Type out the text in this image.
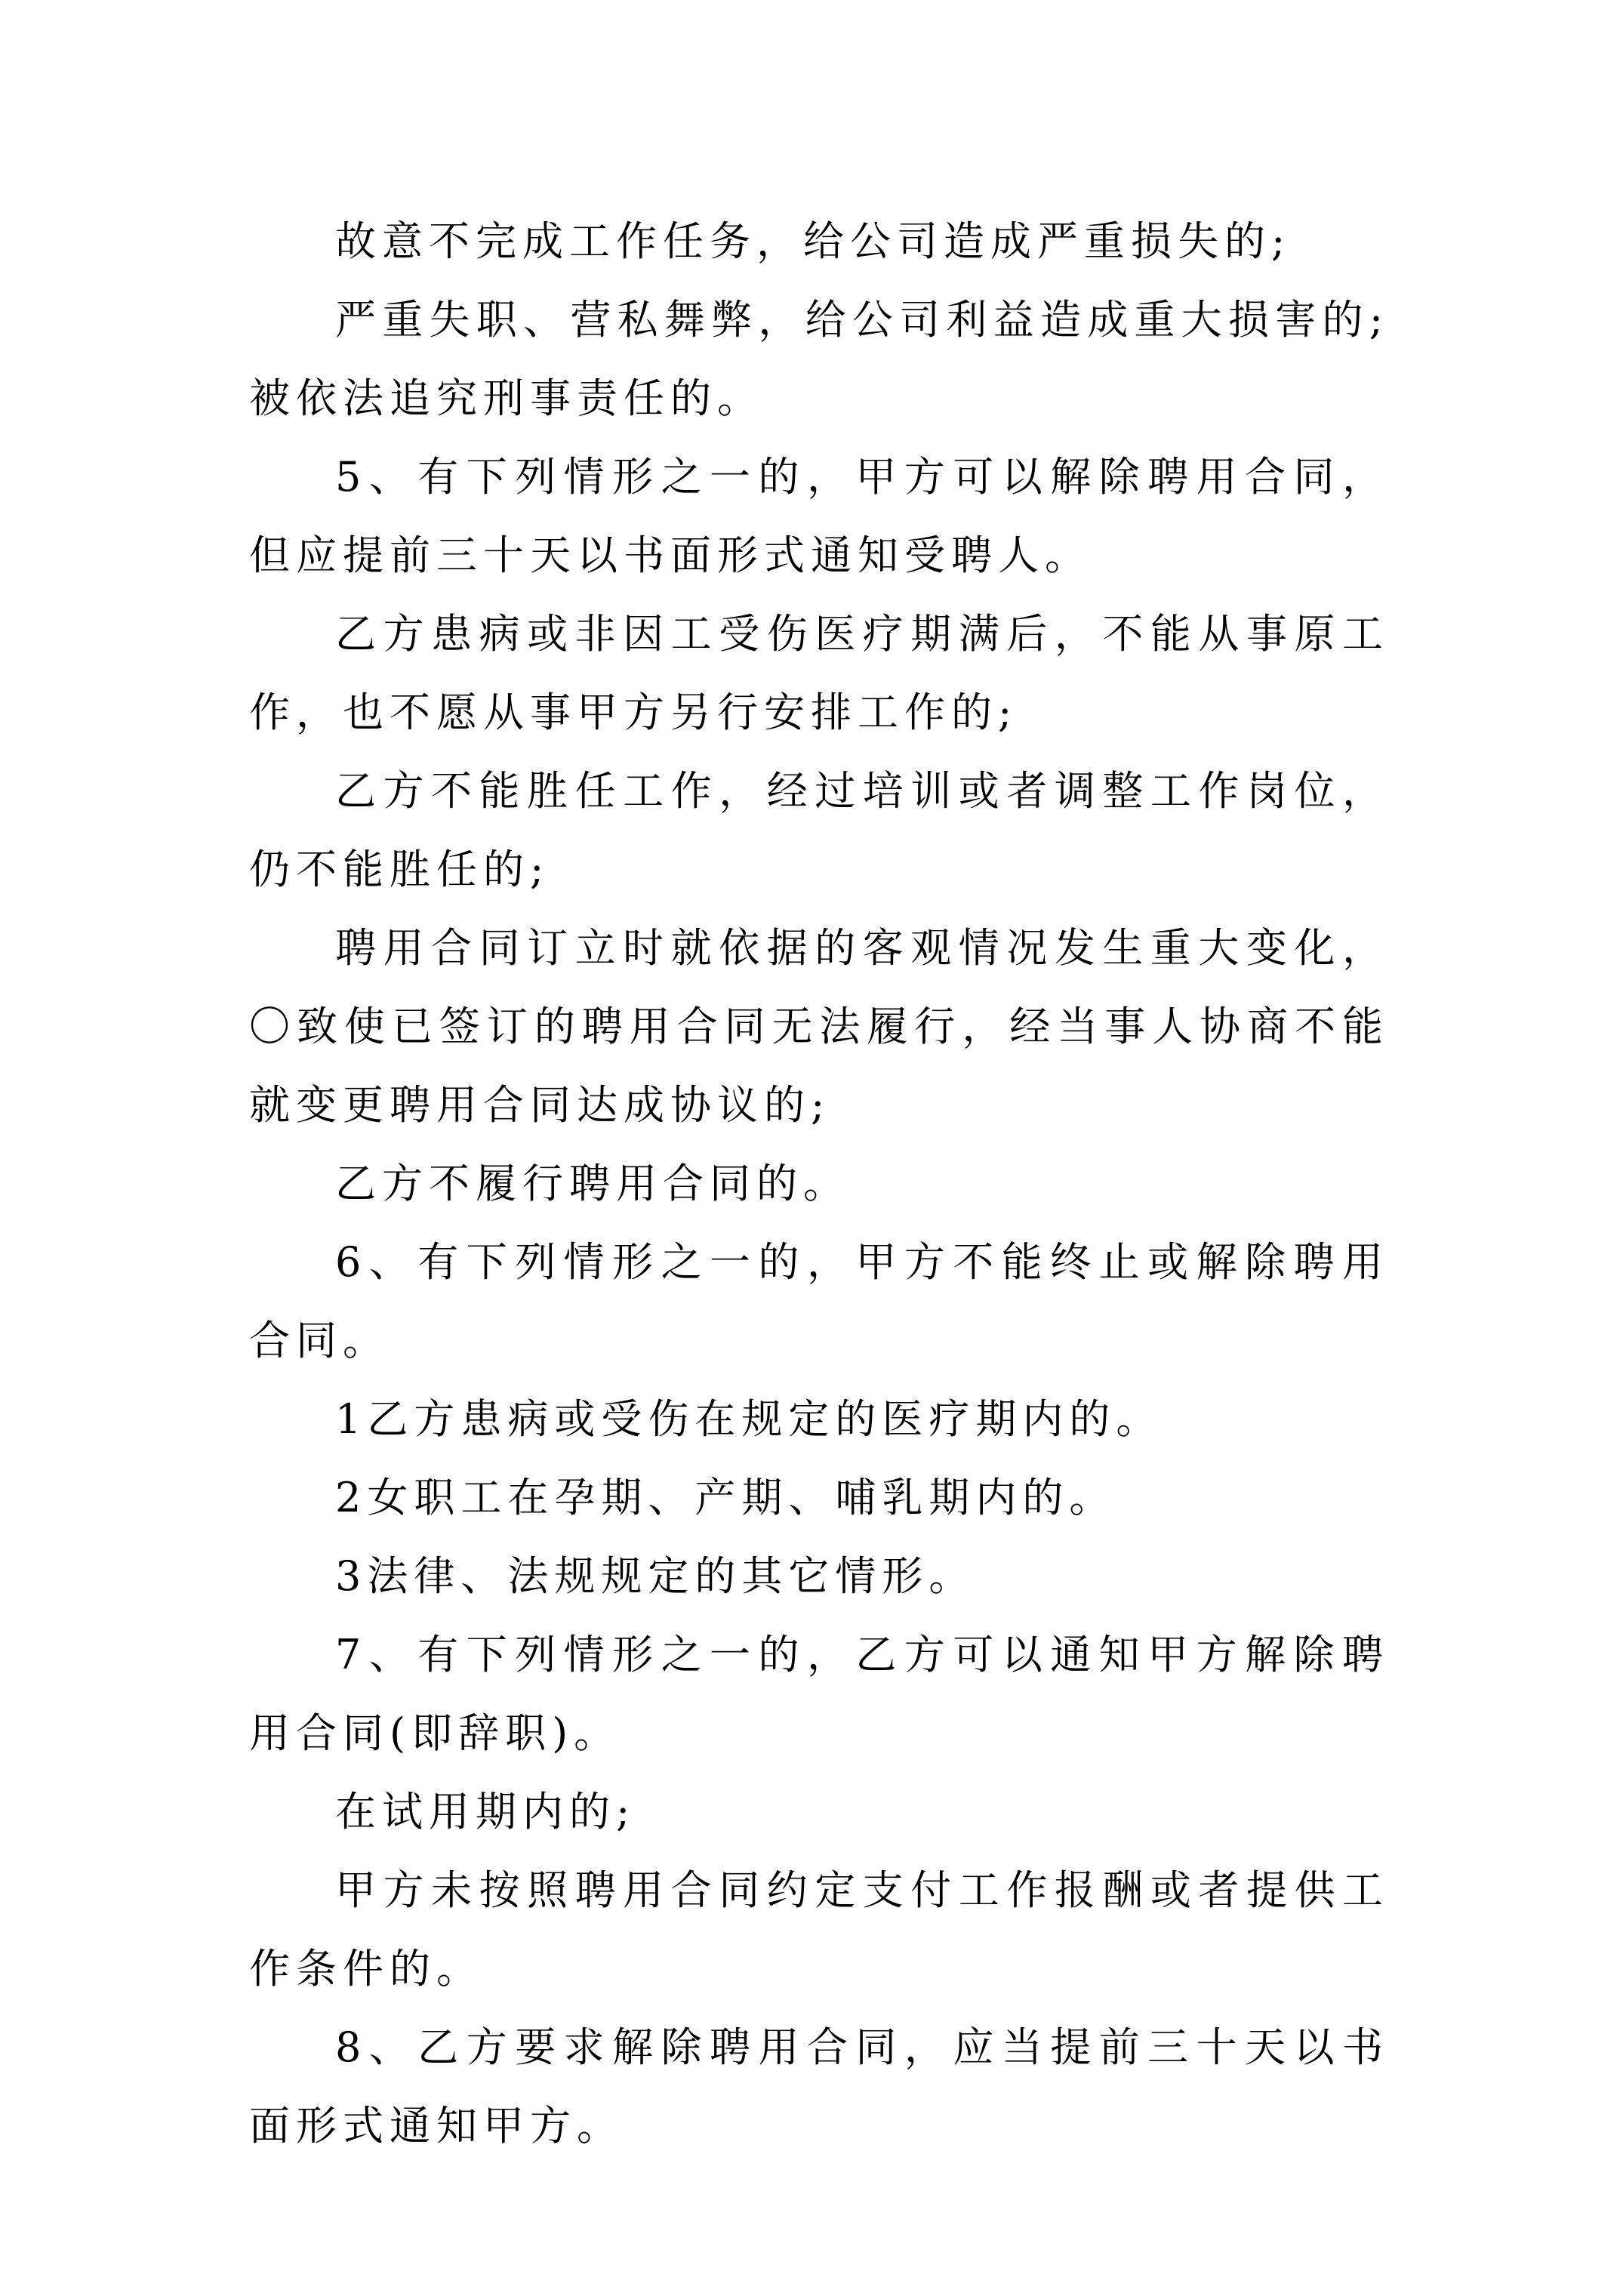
故意不完成工作任务，给公司造成严重损失的;

严重失职、营私舞弊，给公司利益造成重大损害的;被依法追究刑事责任的。

5、有下列情形之一的，甲方可以解除聘用合同，但应提前三十天以书面形式通知受聘人。

乙方患病或非因工受伤医疗期满后，不能从事原工作，也不愿从事甲方另行安排工作的;

乙方不能胜任工作，经过培训或者调整工作岗位，仍不能胜任的;

聘用合同订立时就依据的客观情况发生重大变化，〇致使已签订的聘用合同无法履行，经当事人协商不能就变更聘用合同达成协议的;

乙方不履行聘用合同的。

6、有下列情形之一的，甲方不能终止或解除聘用合同。

1乙方患病或受伤在规定的医疗期内的。

2女职工在孕期、产期、哺乳期内的。

3法律、法规规定的其它情形。

7、有下列情形之一的，乙方可以通知甲方解除聘用合同(即辞职)。

在试用期内的;

甲方未按照聘用合同约定支付工作报酬或者提供工作条件的。

8、乙方要求解除聘用合同，应当提前三十天以书面形式通知甲方。
